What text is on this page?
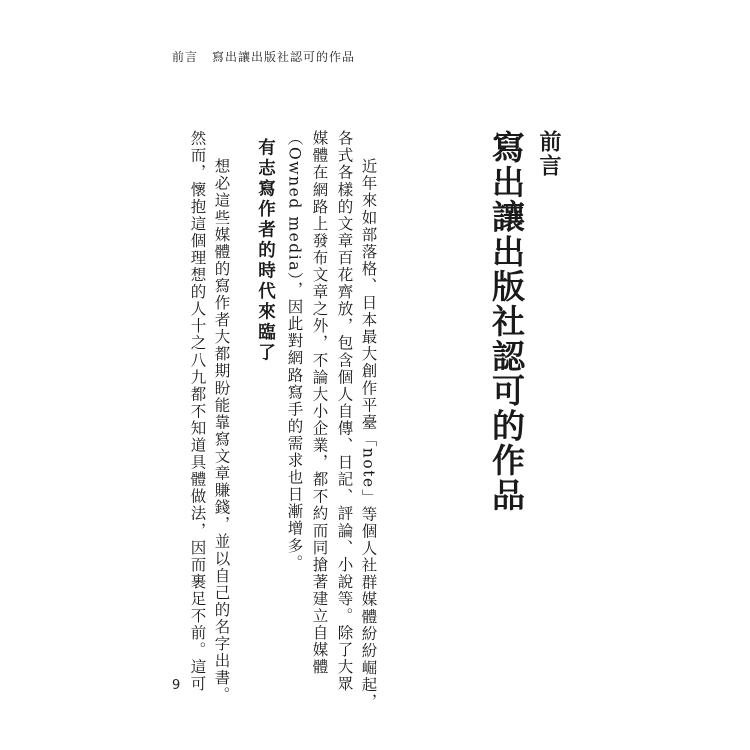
前言 寫出讓出版社認可的作品
前言
寫出讓出版社認可的作品
近年來如部落格、日本最大創作平臺「note」等個人社群媒體紛紛崛起，
各式各樣的文章百花齊放，包含個人自傳、日記、評論、小說等。除了大眾
媒體在網路上發布文章之外，不論大小企業，都不約而同搶著建立自媒體
（Owned media），因此對網路寫手的需求也日漸增多。
有志寫作者的時代來臨了
想必這些媒體的寫作者大都期盼能靠寫文章賺錢，並以自己的名字出書。
然而，懷抱這個理想的人十之八九都不知道具體做法，因而裹足不前。這可
9
